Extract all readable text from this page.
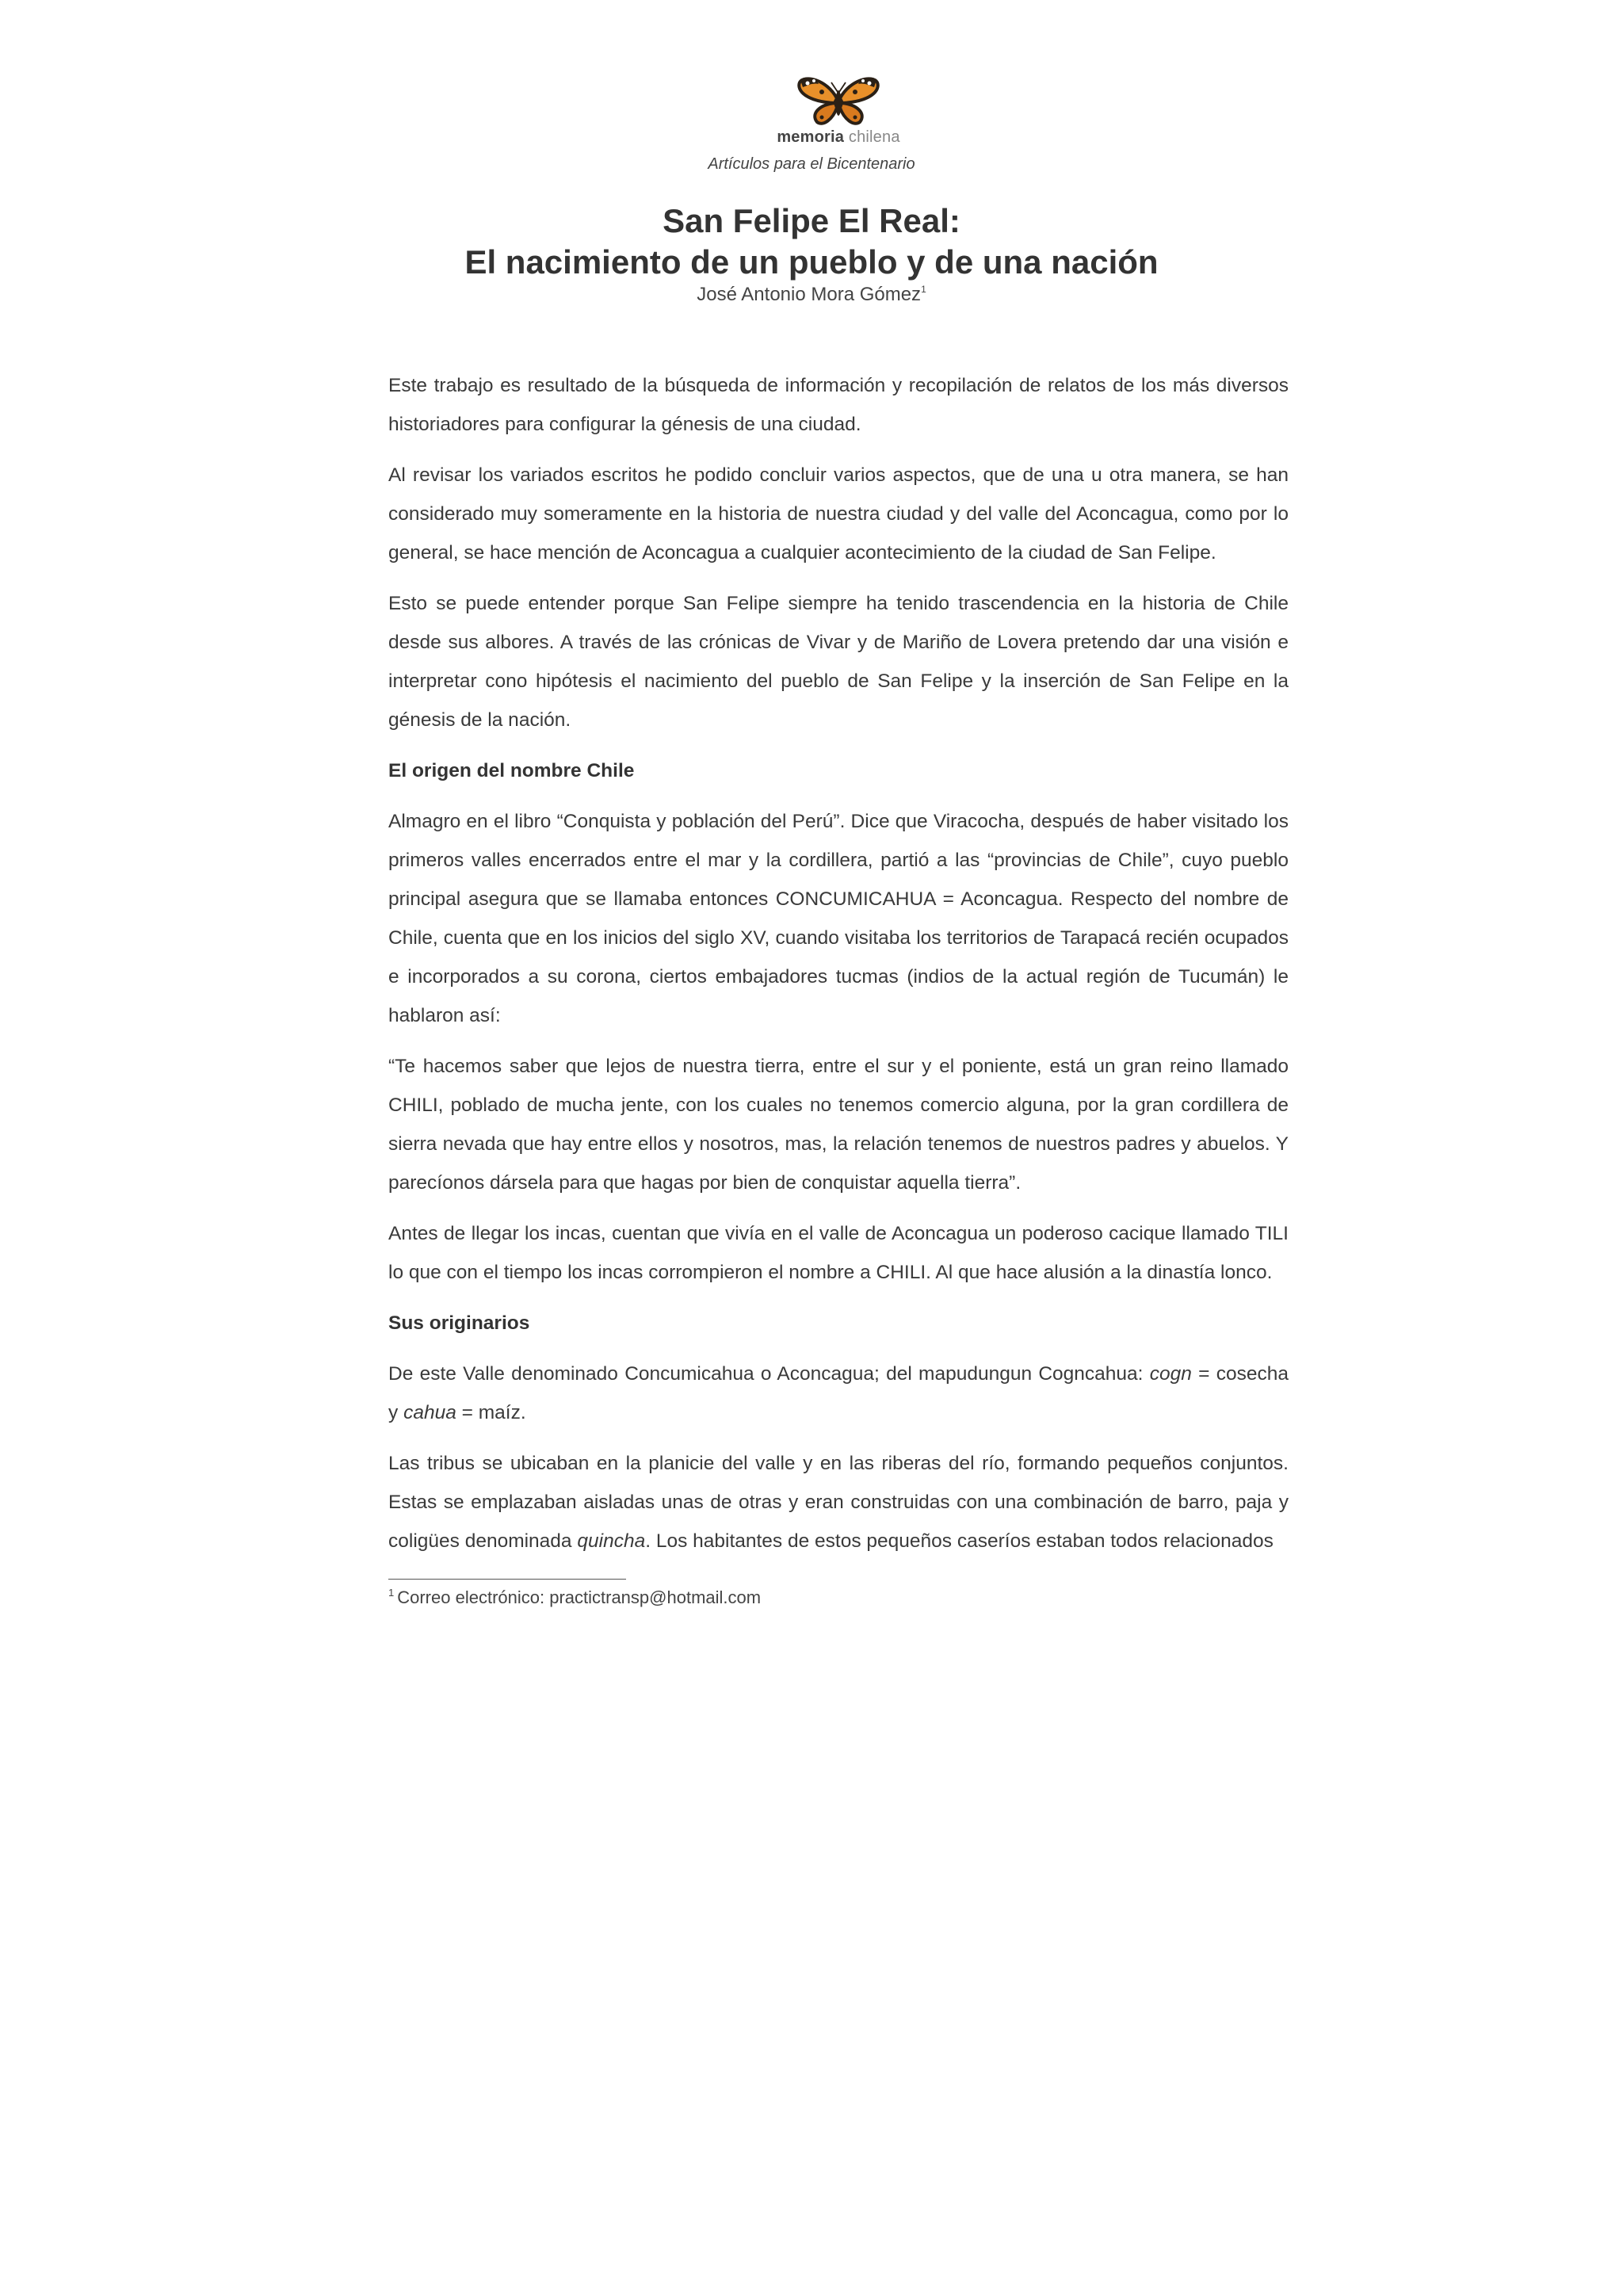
memoria chilena
Artículos para el Bicentenario
San Felipe El Real:
El nacimiento de un pueblo y de una nación
José Antonio Mora Gómez$^1$

Este trabajo es resultado de la búsqueda de información y recopilación de relatos de los más diversos historiadores para configurar la génesis de una ciudad.

Al revisar los variados escritos he podido concluir varios aspectos, que de una u otra manera, se han considerado muy someramente en la historia de nuestra ciudad y del valle del Aconcagua, como por lo general, se hace mención de Aconcagua a cualquier acontecimiento de la ciudad de San Felipe.

Esto se puede entender porque San Felipe siempre ha tenido trascendencia en la historia de Chile desde sus albores. A través de las crónicas de Vivar y de Mariño de Lovera pretendo dar una visión e interpretar cono hipótesis el nacimiento del pueblo de San Felipe y la inserción de San Felipe en la génesis de la nación.

El origen del nombre Chile

Almagro en el libro “Conquista y población del Perú”. Dice que Viracocha, después de haber visitado los primeros valles encerrados entre el mar y la cordillera, partió a las “provincias de Chile”, cuyo pueblo principal asegura que se llamaba entonces CONCUMICAHUA = Aconcagua. Respecto del nombre de Chile, cuenta que en los inicios del siglo XV, cuando visitaba los territorios de Tarapacá recién ocupados e incorporados a su corona, ciertos embajadores tucmas (indios de la actual región de Tucumán) le hablaron así:

“Te hacemos saber que lejos de nuestra tierra, entre el sur y el poniente, está un gran reino llamado CHILI, poblado de mucha jente, con los cuales no tenemos comercio alguna, por la gran cordillera de sierra nevada que hay entre ellos y nosotros, mas, la relación tenemos de nuestros padres y abuelos. Y parecíonos dársela para que hagas por bien de conquistar aquella tierra”.

Antes de llegar los incas, cuentan que vivía en el valle de Aconcagua un poderoso cacique llamado TILI lo que con el tiempo los incas corrompieron el nombre a CHILI. Al que hace alusión a la dinastía lonco.

Sus originarios

De este Valle denominado Concumicahua o Aconcagua; del mapudungun Cogncahua: cogn = cosecha y cahua = maíz.

Las tribus se ubicaban en la planicie del valle y en las riberas del río, formando pequeños conjuntos. Estas se emplazaban aisladas unas de otras y eran construidas con una combinación de barro, paja y coligües denominada quincha. Los habitantes de estos pequeños caseríos estaban todos relacionados

$^1$ Correo electrónico: practictransp@hotmail.com
